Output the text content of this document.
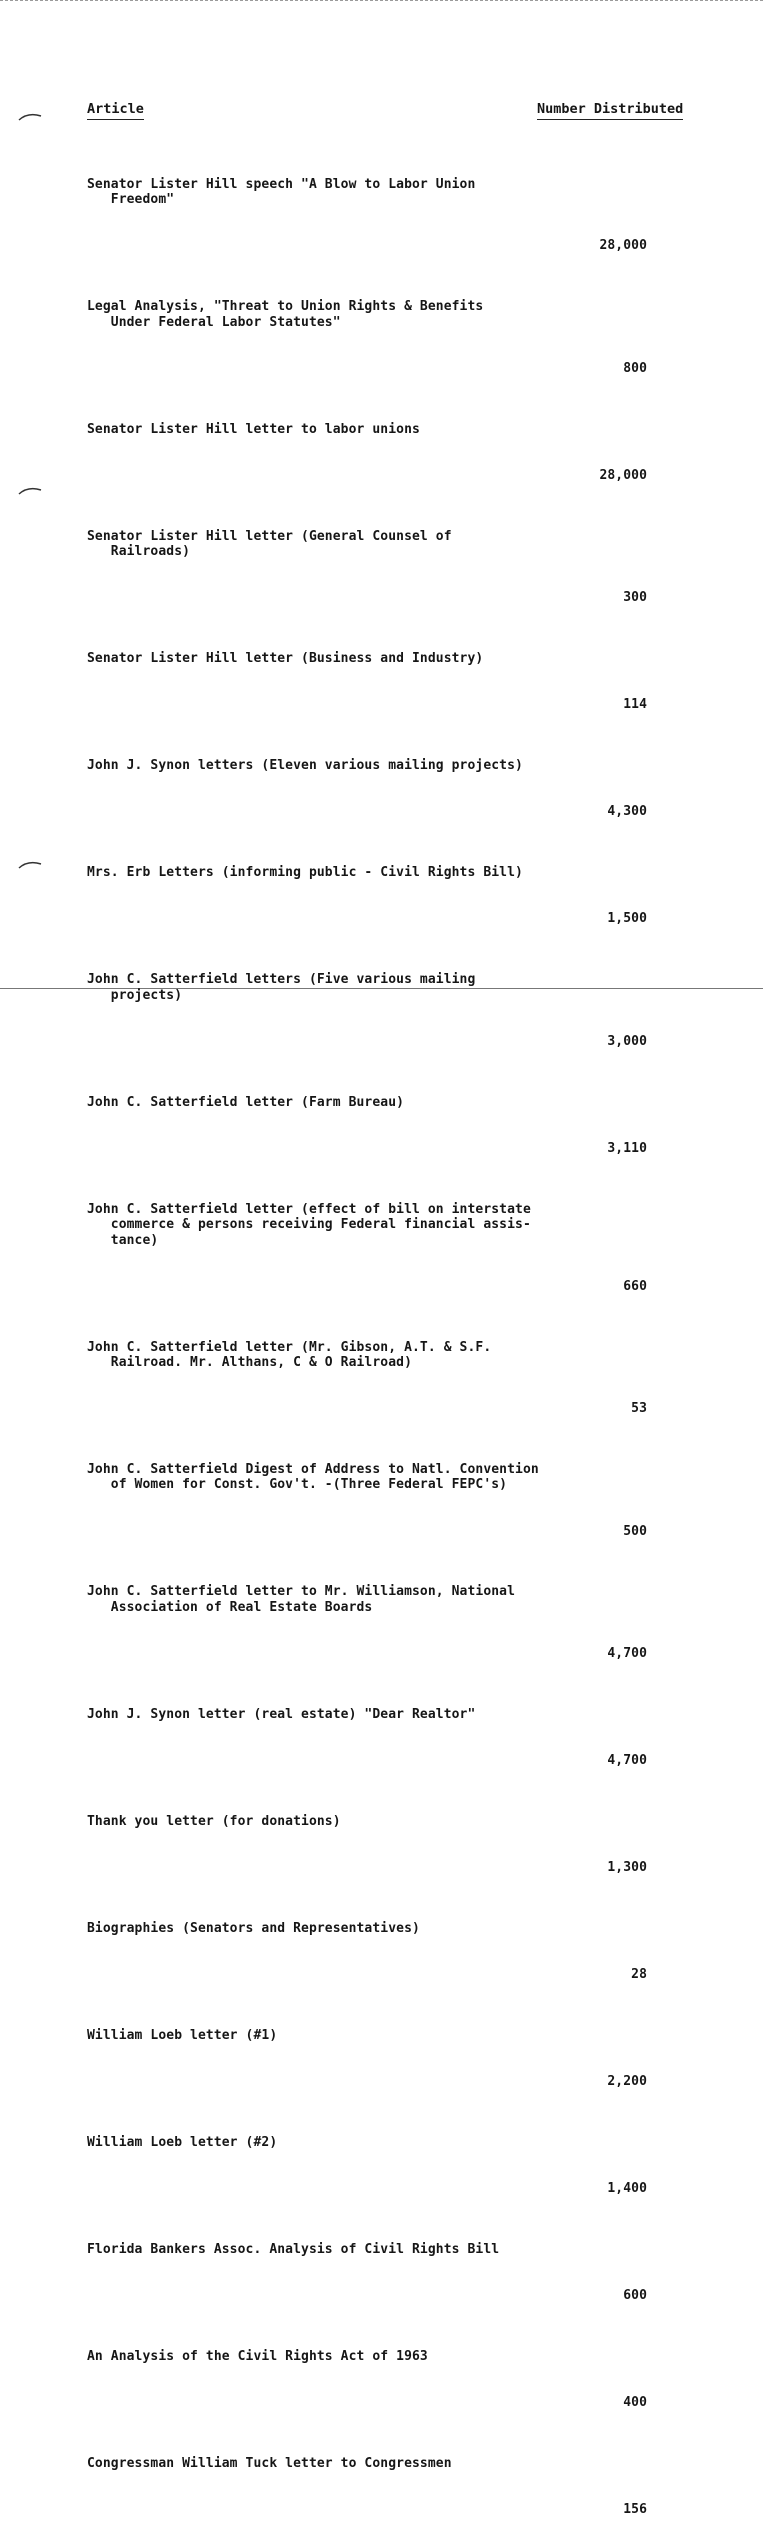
Article	Number Distributed

Senator Lister Hill speech "A Blow to Labor Union
Freedom"

28,000

Legal Analysis, "Threat to Union Rights & Benefits
Under Federal Labor Statutes"

800

Senator Lister Hill letter to labor unions

28,000

Senator Lister Hill letter (General Counsel of
Railroads)

300

Senator Lister Hill letter (Business and Industry)

114

John J. Synon letters (Eleven various mailing projects)

4,300

Mrs. Erb Letters (informing public - Civil Rights Bill)

1,500

John C. Satterfield letters (Five various mailing
projects)

3,000

John C. Satterfield letter (Farm Bureau)

3,110

John C. Satterfield letter (effect of bill on interstate
commerce & persons receiving Federal financial assis-
tance)

660

John C. Satterfield letter (Mr. Gibson, A.T. & S.F.
Railroad. Mr. Althans, C & O Railroad)

53

John C. Satterfield Digest of Address to Natl. Convention
of Women for Const. Gov't. -(Three Federal FEPC's)

500

John C. Satterfield letter to Mr. Williamson, National
Association of Real Estate Boards

4,700

John J. Synon letter (real estate) "Dear Realtor"

4,700

Thank you letter (for donations)

1,300

Biographies (Senators and Representatives)

28

William Loeb letter (#1)

2,200

William Loeb letter (#2)

1,400

Florida Bankers Assoc. Analysis of Civil Rights Bill

600

An Analysis of the Civil Rights Act of 1963

400

Congressman William Tuck letter to Congressmen

156
